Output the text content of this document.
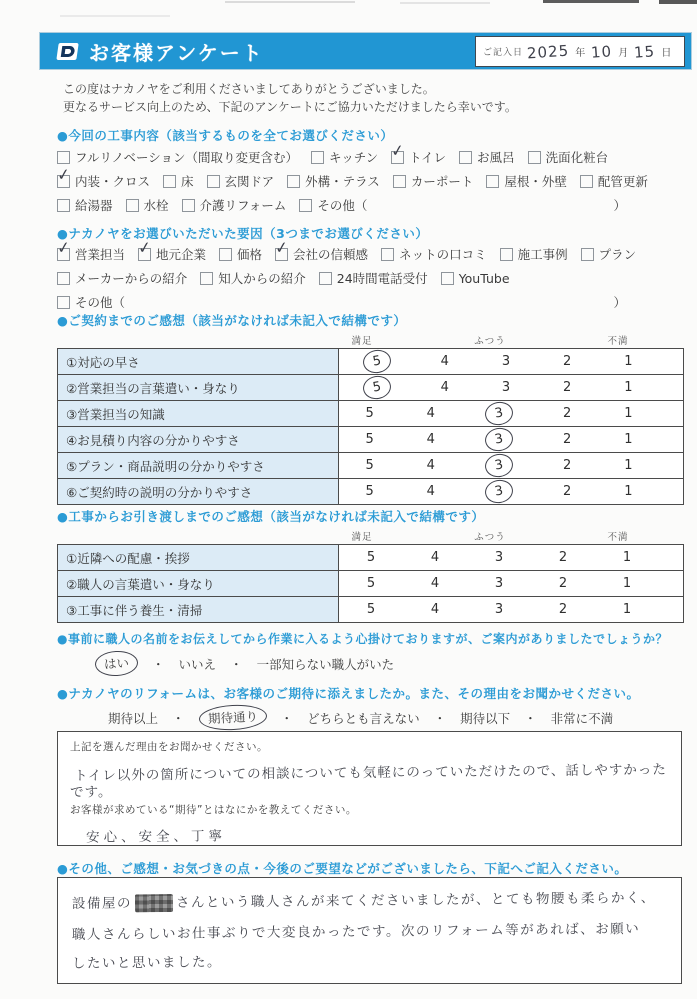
お客様アンケート	ご記入日 2025 年 10 月 15 日
この度はナカノヤをご利用くださいましてありがとうございました。
更なるサービス向上のため、下記のアンケートにご協力いただけましたら幸いです。
●今回の工事内容（該当するものを全てお選びください）
フルリノベーション（間取り変更含む） キッチン ✓ トイレ お風呂 洗面化粧台
✓ 内装・クロス 床 玄関ドア 外構・テラス カーポート 屋根・外壁 配管更新
給湯器 水栓 介護リフォーム その他（	）
●ナカノヤをお選びいただいた要因（3つまでお選びください）
✓ 営業担当 ✓ 地元企業 価格 ✓ 会社の信頼感 ネットの口コミ 施工事例 プラン
メーカーからの紹介 知人からの紹介 24時間電話受付 YouTube
その他（	）
●ご契約までのご感想（該当がなければ未記入で結構です）
満足	ふつう	不満
①対応の早さ	5	4	3	2	1
②営業担当の言葉遣い・身なり	5	4	3	2	1
③営業担当の知識	5	4	3	2	1
④お見積り内容の分かりやすさ	5	4	3	2	1
⑤プラン・商品説明の分かりやすさ	5	4	3	2	1
⑥ご契約時の説明の分かりやすさ	5	4	3	2	1
●工事からお引き渡しまでのご感想（該当がなければ未記入で結構です）
満足	ふつう	不満
①近隣への配慮・挨拶	5	4	3	2	1
②職人の言葉遣い・身なり	5	4	3	2	1
③工事に伴う養生・清掃	5	4	3	2	1
●事前に職人の名前をお伝えしてから作業に入るよう心掛けておりますが、ご案内がありましたでしょうか？
はい	・ いいえ ・ 一部知らない職人がいた
●ナカノヤのリフォームは、お客様のご期待に添えましたか。また、その理由をお聞かせください。
期待以上 ・	期待通り	・ どちらとも言えない ・ 期待以下 ・ 非常に不満
上記を選んだ理由をお聞かせください。
トイレ以外の箇所についての相談についても気軽にのっていただけたので、話しやすかった です。
お客様が求めている“期待”とはなにかを教えてください。
安心、安全、丁寧
●その他、ご感想・お気づきの点・今後のご要望などがございましたら、下記へご記入ください。
設備屋の	さんという職人さんが来てくださいましたが、とても物腰も柔らかく、職人さんらしいお仕事ぶりで大変良かったです。次のリフォーム等があれば、お願いしたいと思いました。
